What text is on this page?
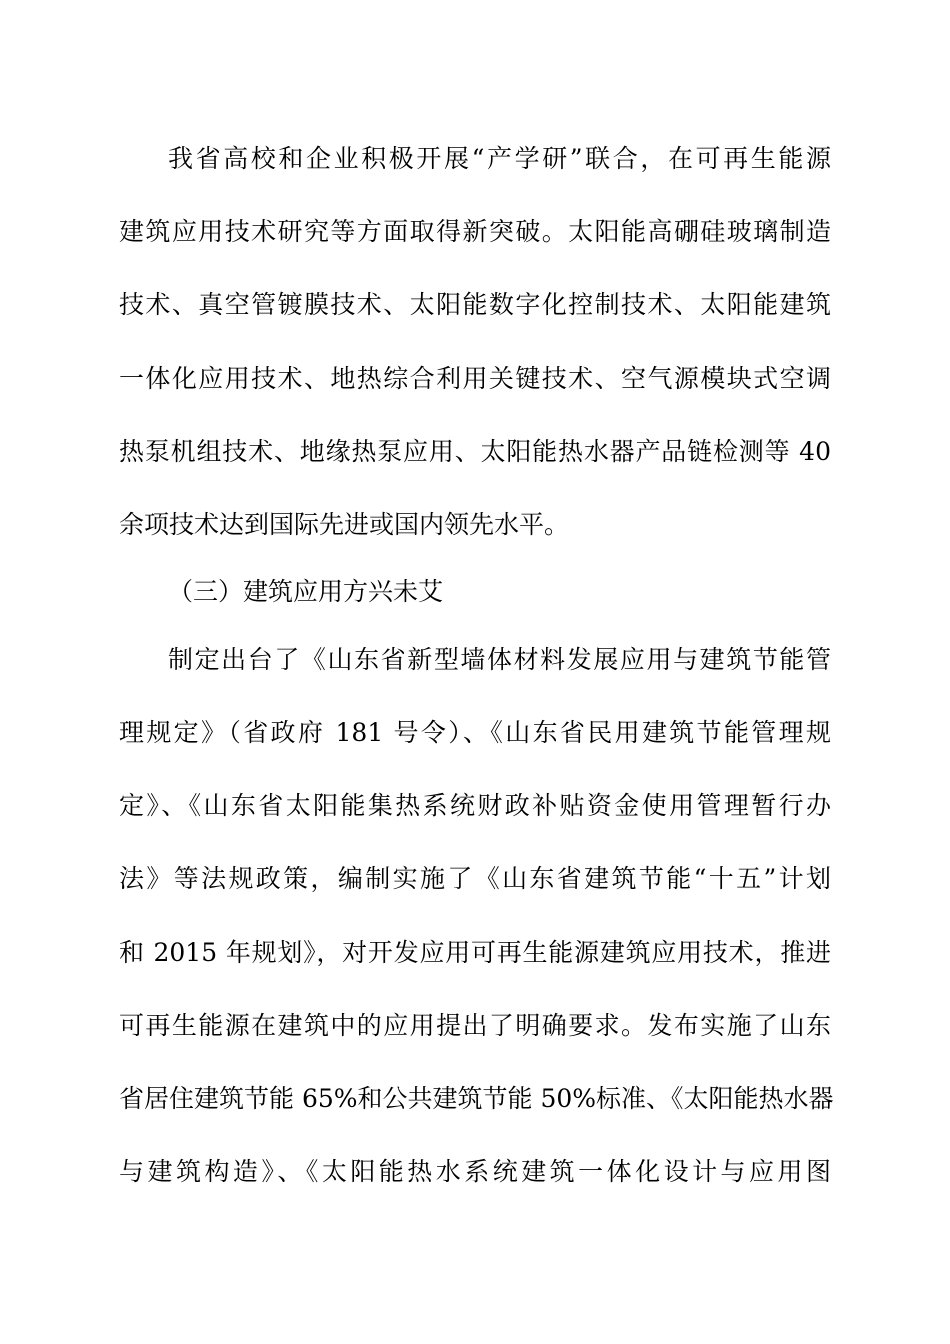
我省高校和企业积极开展“产学研”联合，在可再生能源
建筑应用技术研究等方面取得新突破。太阳能高硼硅玻璃制造
技术、真空管镀膜技术、太阳能数字化控制技术、太阳能建筑
一体化应用技术、地热综合利用关键技术、空气源模块式空调
热泵机组技术、地缘热泵应用、太阳能热水器产品链检测等 40
余项技术达到国际先进或国内领先水平。
（三）建筑应用方兴未艾
制定出台了《山东省新型墙体材料发展应用与建筑节能管
理规定》（省政府 181 号令）、《山东省民用建筑节能管理规
定》、《山东省太阳能集热系统财政补贴资金使用管理暂行办
法》等法规政策，编制实施了《山东省建筑节能“十五”计划
和 2015 年规划》，对开发应用可再生能源建筑应用技术，推进
可再生能源在建筑中的应用提出了明确要求。发布实施了山东
省居住建筑节能 65%和公共建筑节能 50%标准、《太阳能热水器
与建筑构造》、《太阳能热水系统建筑一体化设计与应用图
